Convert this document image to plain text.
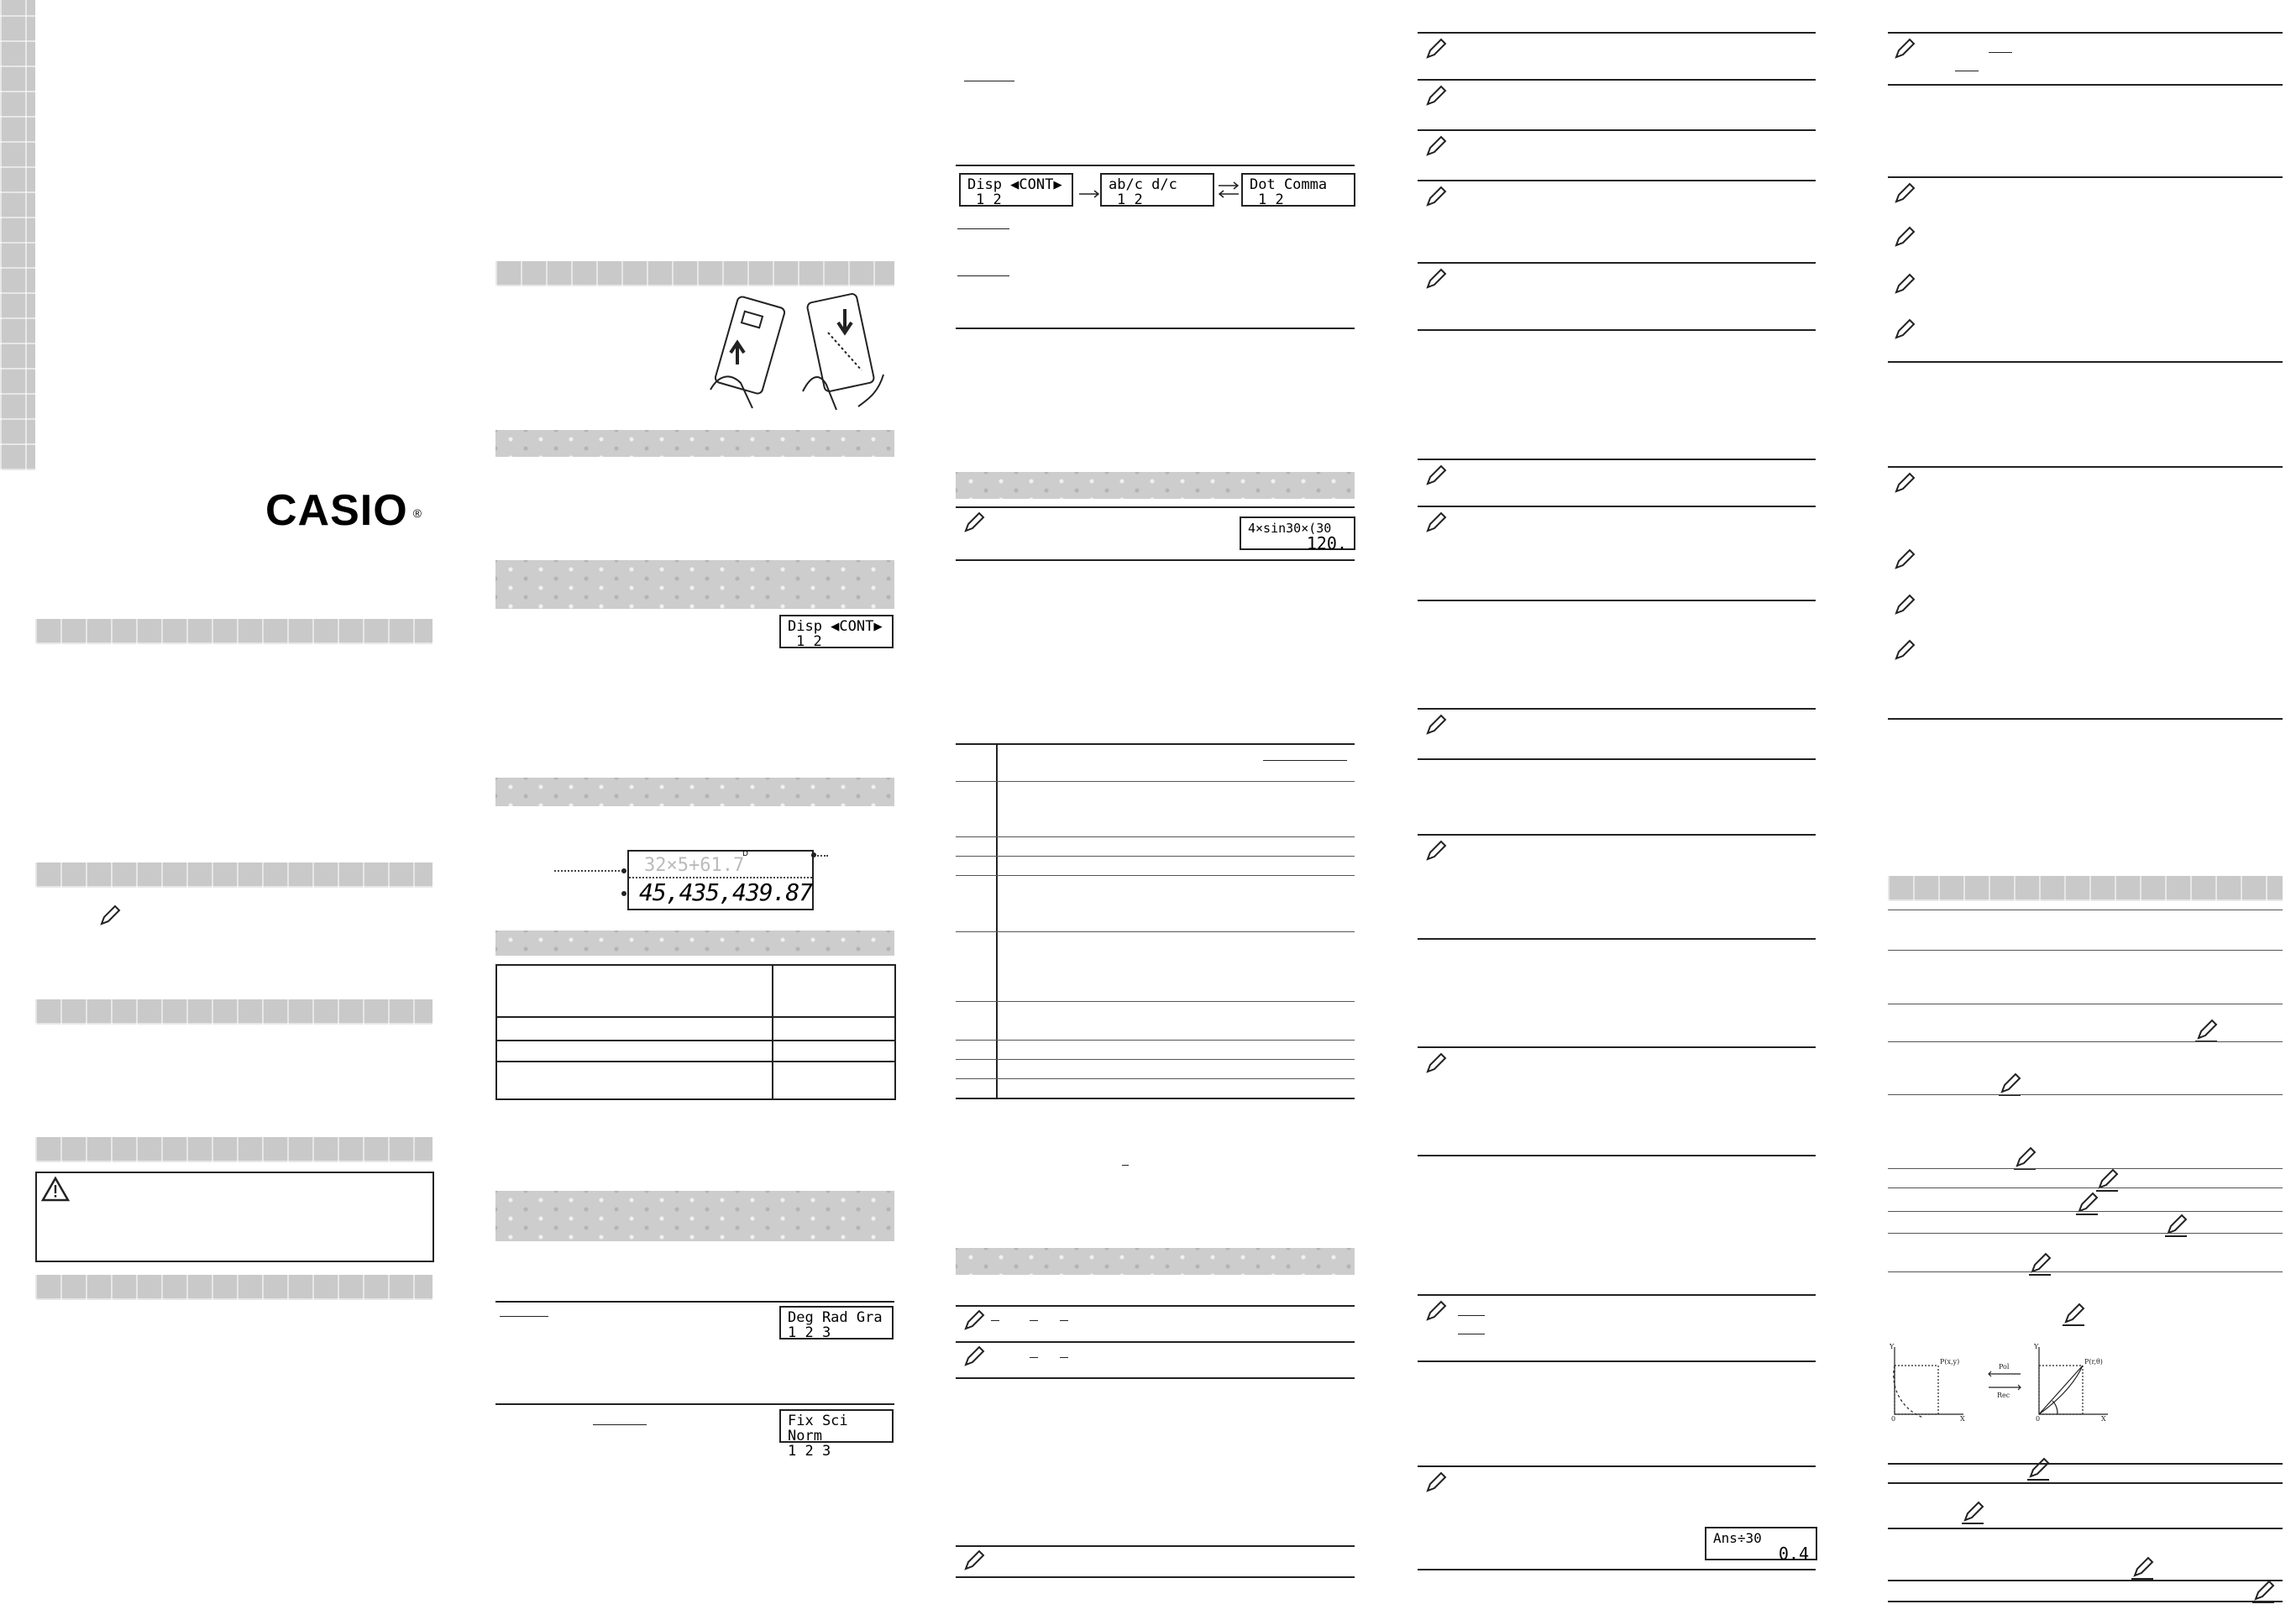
CASIO ®
Disp ◀CONT▶
1 2
D
32×5+61.7
45,435,439.87
Deg Rad Gra
1 2 3
Fix Sci Norm
1 2 3
Disp ◀CONT▶
1 2
ab/c d/c
1 2
Dot Comma
1 2
4×sin30×(30
120.
Ans÷30
0.4
Y
P(x,y)
X
0
Pol
Rec
Y
P(r,θ)
X
0
